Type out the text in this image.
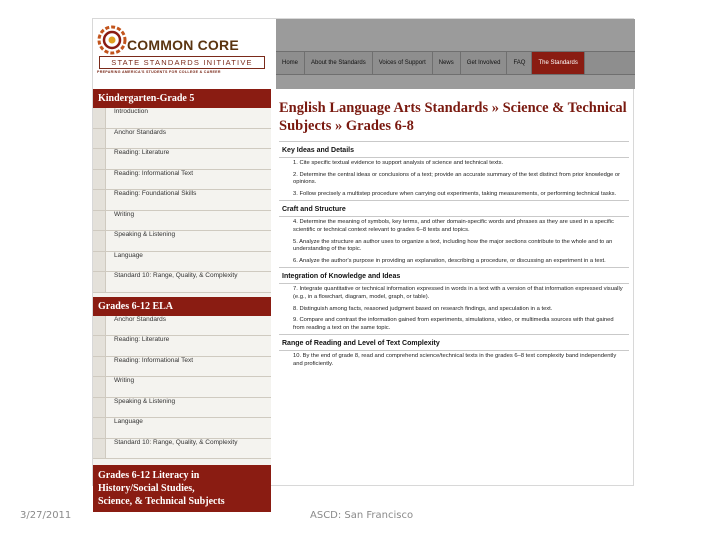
COMMON CORE
STATE STANDARDS INITIATIVE
PREPARING AMERICA'S STUDENTS FOR COLLEGE & CAREER
Home	About the Standards	Voices of Support	News	Get Involved	FAQ	The Standards
Kindergarten-Grade 5
Introduction
Anchor Standards
Reading: Literature
Reading: Informational Text
Reading: Foundational Skills
Writing
Speaking & Listening
Language
Standard 10: Range, Quality, & Complexity
Grades 6-12 ELA
Anchor Standards
Reading: Literature
Reading: Informational Text
Writing
Speaking & Listening
Language
Standard 10: Range, Quality, & Complexity
Grades 6-12 Literacy in
History/Social Studies,
Science, & Technical Subjects
English Language Arts Standards » Science & Technical Subjects » Grades 6-8
Key Ideas and Details
1. Cite specific textual evidence to support analysis of science and technical texts.
2. Determine the central ideas or conclusions of a text; provide an accurate summary of the text distinct from prior knowledge or opinions.
3. Follow precisely a multistep procedure when carrying out experiments, taking measurements, or performing technical tasks.
Craft and Structure
4. Determine the meaning of symbols, key terms, and other domain-specific words and phrases as they are used in a specific scientific or technical context relevant to grades 6–8 texts and topics.
5. Analyze the structure an author uses to organize a text, including how the major sections contribute to the whole and to an understanding of the topic.
6. Analyze the author's purpose in providing an explanation, describing a procedure, or discussing an experiment in a text.
Integration of Knowledge and Ideas
7. Integrate quantitative or technical information expressed in words in a text with a version of that information expressed visually (e.g., in a flowchart, diagram, model, graph, or table).
8. Distinguish among facts, reasoned judgment based on research findings, and speculation in a text.
9. Compare and contrast the information gained from experiments, simulations, video, or multimedia sources with that gained from reading a text on the same topic.
Range of Reading and Level of Text Complexity
10. By the end of grade 8, read and comprehend science/technical texts in the grades 6–8 text complexity band independently and proficiently.
3/27/2011	ASCD: San Francisco
